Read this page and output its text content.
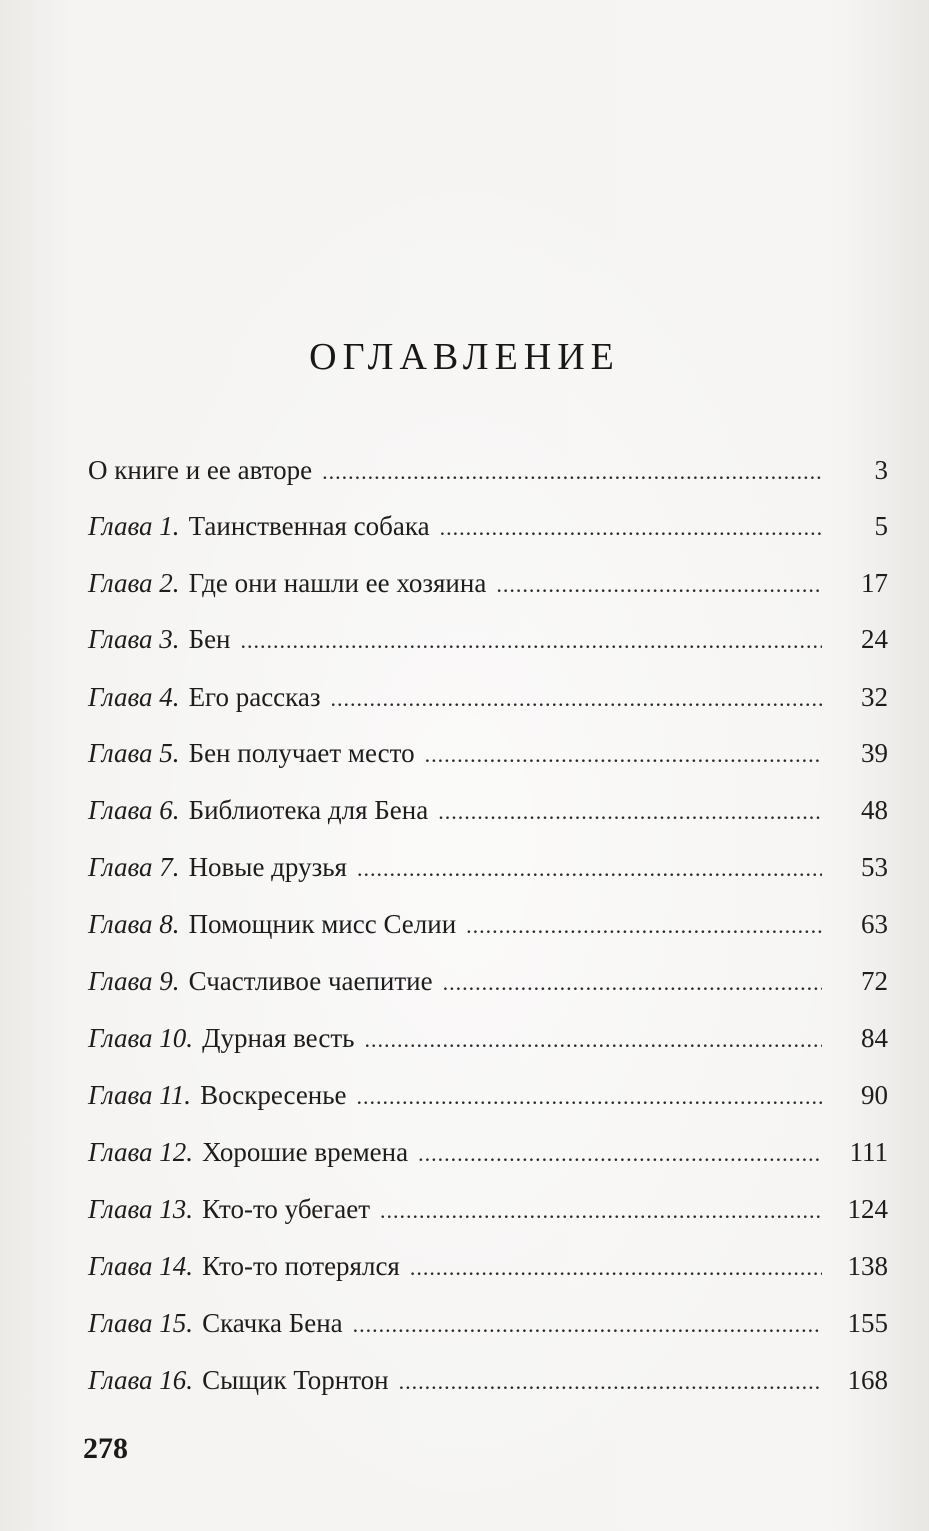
ОГЛАВЛЕНИЕ
О книге и ее авторе .....	3
Глава 1. Таинственная собака .....	5
Глава 2. Где они нашли ее хозяина .....	17
Глава 3. Бен .....	24
Глава 4. Его рассказ .....	32
Глава 5. Бен получает место .....	39
Глава 6. Библиотека для Бена .....	48
Глава 7. Новые друзья .....	53
Глава 8. Помощник мисс Селии .....	63
Глава 9. Счастливое чаепитие .....	72
Глава 10. Дурная весть .....	84
Глава 11. Воскресенье .....	90
Глава 12. Хорошие времена .....	111
Глава 13. Кто-то убегает .....	124
Глава 14. Кто-то потерялся .....	138
Глава 15. Скачка Бена .....	155
Глава 16. Сыщик Торнтон .....	168

278
